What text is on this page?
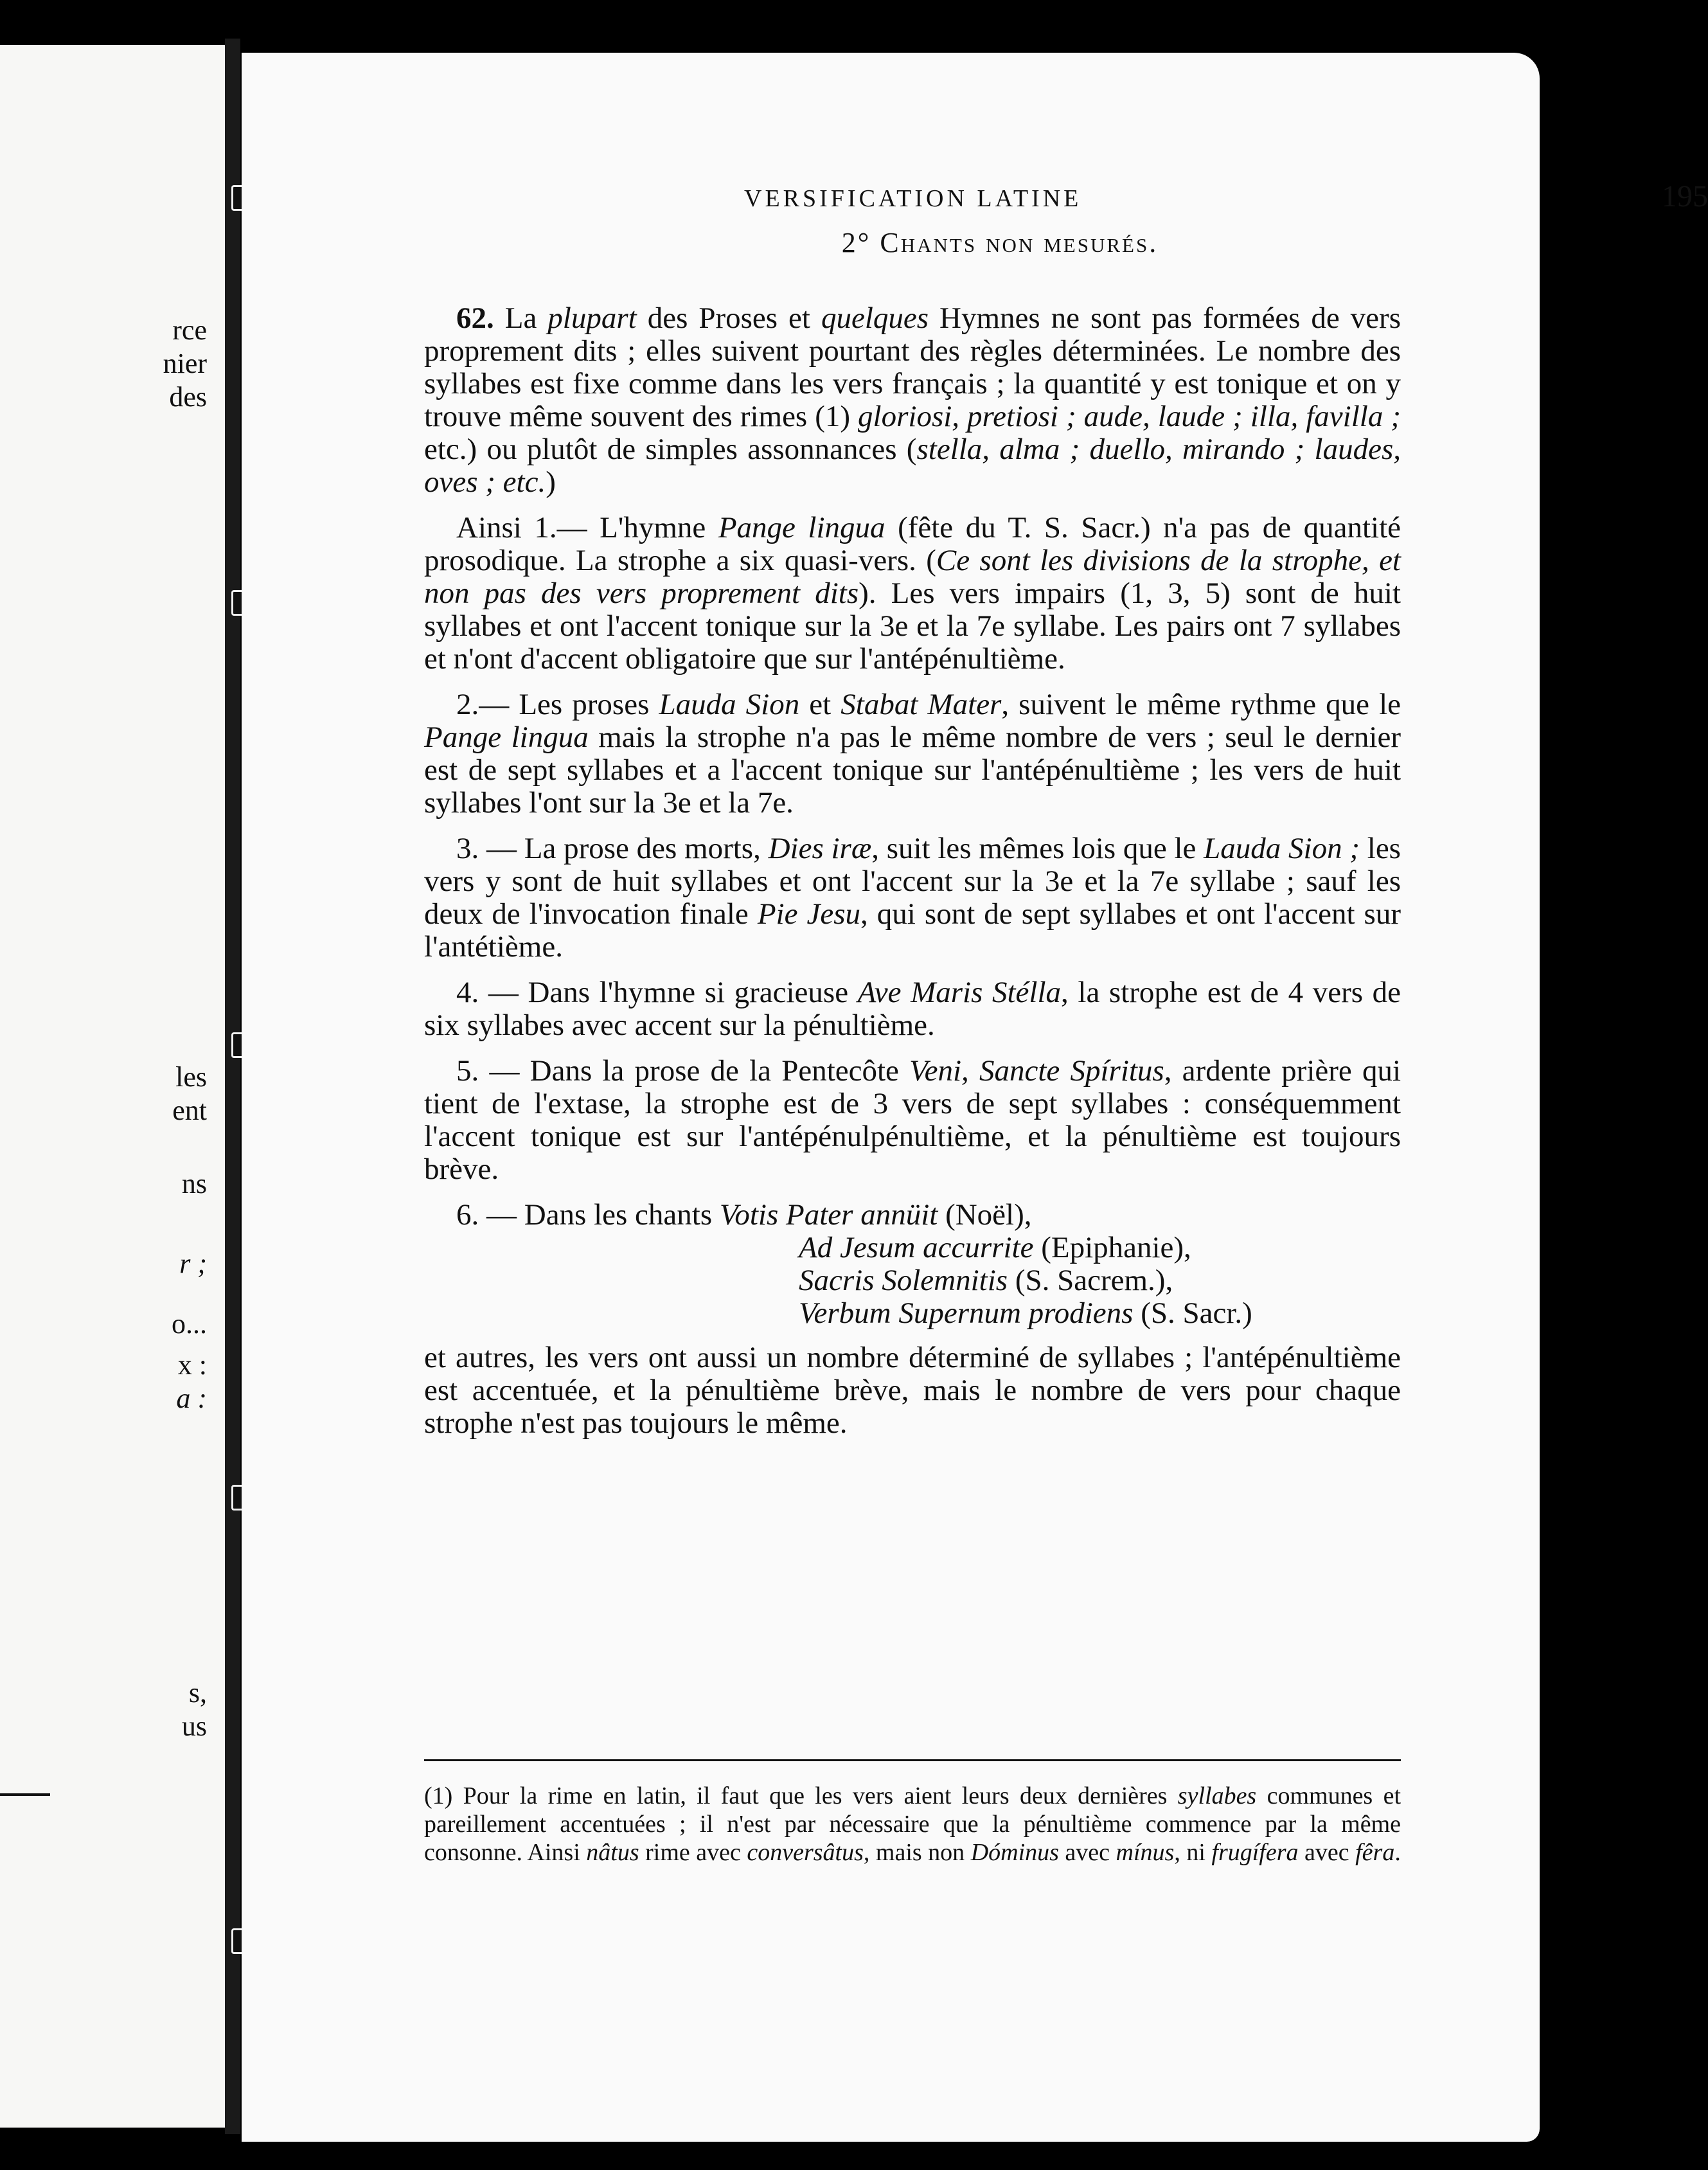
rce
nier
des
les
ent
ns
r ;
o...
x :
a :
s,
us
VERSIFICATION LATINE	195
2° Chants non mesurés.

62. La plupart des Proses et quelques Hymnes ne sont pas formées de vers proprement dits ; elles suivent pourtant des règles déterminées. Le nombre des syllabes est fixe comme dans les vers français ; la quantité y est tonique et on y trouve même souvent des rimes (1) gloriosi, pretiosi ; aude, laude ; illa, favilla ; etc.) ou plutôt de simples assonnances (stella, alma ; duello, mirando ; laudes, oves ; etc.)

Ainsi 1.— L'hymne Pange lingua (fête du T. S. Sacr.) n'a pas de quantité prosodique. La strophe a six quasi-vers. (Ce sont les divisions de la strophe, et non pas des vers proprement dits). Les vers impairs (1, 3, 5) sont de huit syllabes et ont l'accent tonique sur la 3e et la 7e syllabe. Les pairs ont 7 syllabes et n'ont d'accent obligatoire que sur l'antépénultième.

2.— Les proses Lauda Sion et Stabat Mater, suivent le même rythme que le Pange lingua mais la strophe n'a pas le même nombre de vers ; seul le dernier est de sept syllabes et a l'accent tonique sur l'antépénultième ; les vers de huit syllabes l'ont sur la 3e et la 7e.

3. — La prose des morts, Dies iræ, suit les mêmes lois que le Lauda Sion ; les vers y sont de huit syllabes et ont l'accent sur la 3e et la 7e syllabe ; sauf les deux de l'invocation finale Pie Jesu, qui sont de sept syllabes et ont l'accent sur l'antétième.

4. — Dans l'hymne si gracieuse Ave Maris Stélla, la strophe est de 4 vers de six syllabes avec accent sur la pénultième.

5. — Dans la prose de la Pentecôte Veni, Sancte Spíritus, ardente prière qui tient de l'extase, la strophe est de 3 vers de sept syllabes : conséquemment l'accent tonique est sur l'antépénulpénultième, et la pénultième est toujours brève.

6. — Dans les chants Votis Pater annüit (Noël),
Ad Jesum accurrite (Epiphanie),
Sacris Solemnitis (S. Sacrem.),
Verbum Supernum prodiens (S. Sacr.)

et autres, les vers ont aussi un nombre déterminé de syllabes ; l'antépénultième est accentuée, et la pénultième brève, mais le nombre de vers pour chaque strophe n'est pas toujours le même.

(1) Pour la rime en latin, il faut que les vers aient leurs deux dernières syllabes communes et pareillement accentuées ; il n'est par nécessaire que la pénultième commence par la même consonne. Ainsi nâtus rime avec conversâtus, mais non Dóminus avec mínus, ni frugífera avec fêra.
